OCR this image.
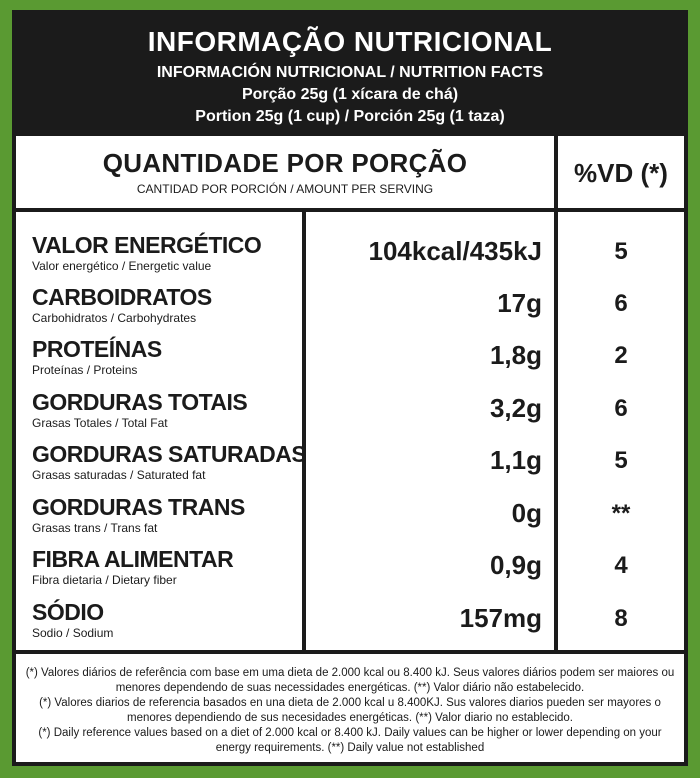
INFORMAÇÃO NUTRICIONAL
INFORMACIÓN NUTRICIONAL / NUTRITION FACTS
Porção 25g (1 xícara de chá)
Portion 25g (1 cup) / Porción 25g (1 taza)
QUANTIDADE POR PORÇÃO
CANTIDAD POR PORCIÓN / AMOUNT PER SERVING
%VD (*)
VALOR ENERGÉTICO
Valor energético / Energetic value
CARBOIDRATOS
Carbohidratos / Carbohydrates
PROTEÍNAS
Proteínas / Proteins
GORDURAS TOTAIS
Grasas Totales / Total Fat
GORDURAS SATURADAS
Grasas saturadas / Saturated fat
GORDURAS TRANS
Grasas trans / Trans fat
FIBRA ALIMENTAR
Fibra dietaria / Dietary fiber
SÓDIO
Sodio / Sodium
104kcal/435kJ
17g
1,8g
3,2g
1,1g
0g
0,9g
157mg
5
6
2
6
5
**
4
8
(*) Valores diários de referência com base em uma dieta de 2.000 kcal ou 8.400 kJ. Seus valores diários podem ser maiores ou menores dependendo de suas necessidades energéticas. (**) Valor diário não estabelecido.
(*) Valores diarios de referencia basados en una dieta de 2.000 kcal u 8.400KJ. Sus valores diarios pueden ser mayores o menores dependiendo de sus necesidades energéticas. (**) Valor diario no establecido.
(*) Daily reference values based on a diet of 2.000 kcal or 8.400 kJ. Daily values can be higher or lower depending on your energy requirements. (**) Daily value not established
